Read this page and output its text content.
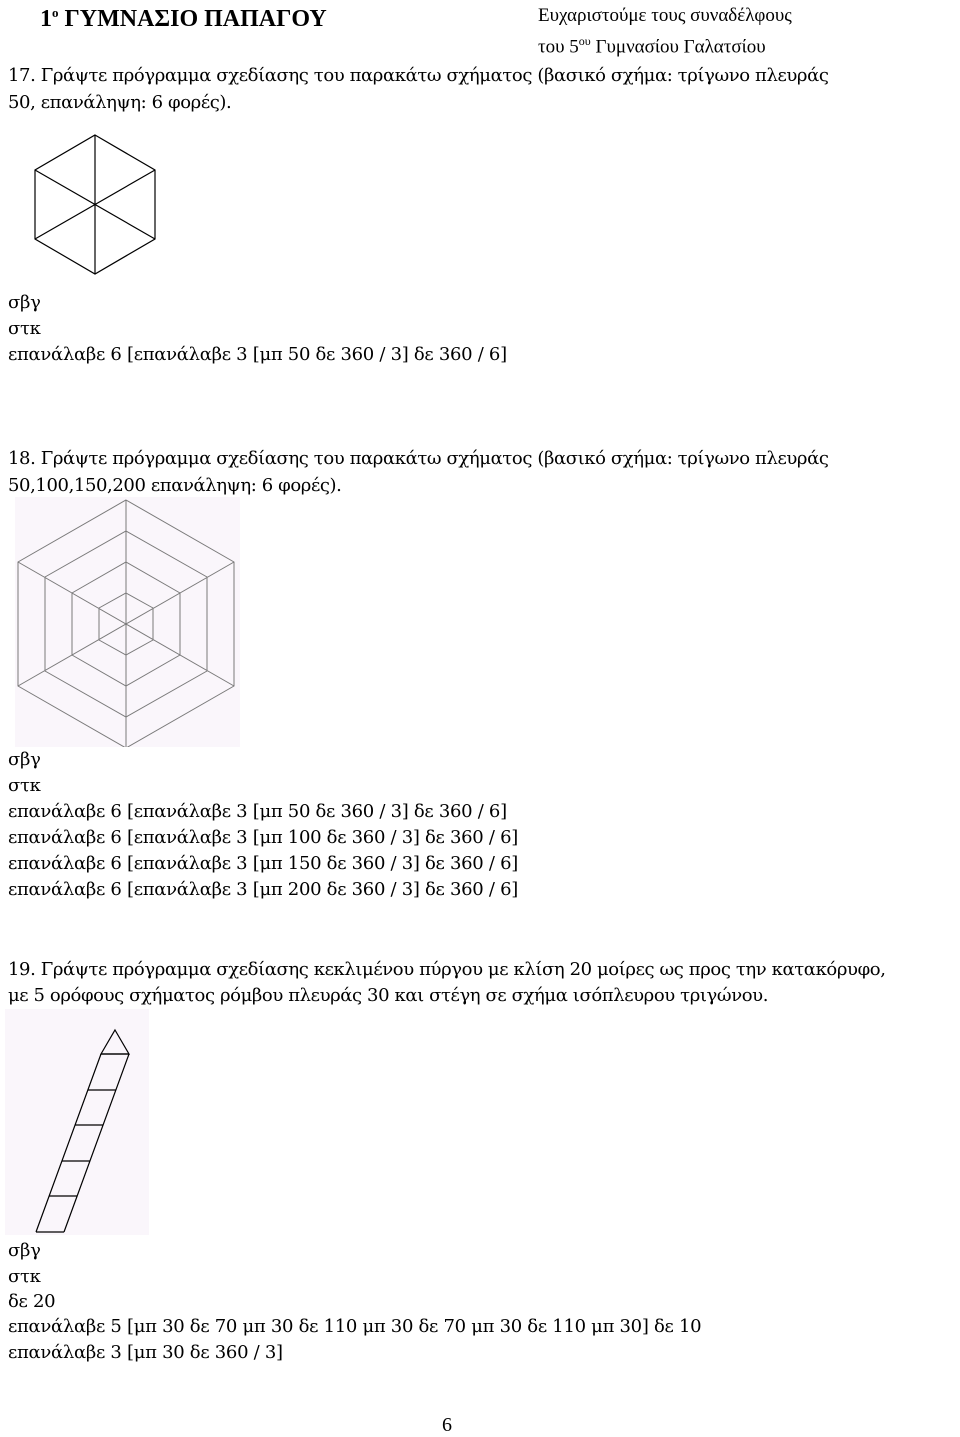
$1^o$ ΓΥΜΝΑΣΙΟ ΠΑΠΑΓΟΥ	Ευχαριστούμε τους συναδέλφους
του $5^{o\upsilon}$ Γυμνασίου Γαλατσίου
17. Γράψτε πρόγραμμα σχεδίασης του παρακάτω σχήματος (βασικό σχήμα: τρίγωνο πλευράς
50, επανάληψη: 6 φορές).
σβγ
στκ
επανάλαβε 6 [επανάλαβε 3 [μπ 50 δε 360 / 3] δε 360 / 6]
18. Γράψτε πρόγραμμα σχεδίασης του παρακάτω σχήματος (βασικό σχήμα: τρίγωνο πλευράς
50,100,150,200 επανάληψη: 6 φορές).
σβγ
στκ
επανάλαβε 6 [επανάλαβε 3 [μπ 50 δε 360 / 3] δε 360 / 6]
επανάλαβε 6 [επανάλαβε 3 [μπ 100 δε 360 / 3] δε 360 / 6]
επανάλαβε 6 [επανάλαβε 3 [μπ 150 δε 360 / 3] δε 360 / 6]
επανάλαβε 6 [επανάλαβε 3 [μπ 200 δε 360 / 3] δε 360 / 6]
19. Γράψτε πρόγραμμα σχεδίασης κεκλιμένου πύργου με κλίση 20 μοίρες ως προς την κατακόρυφο,
με 5 ορόφους σχήματος ρόμβου πλευράς 30 και στέγη σε σχήμα ισόπλευρου τριγώνου.
σβγ
στκ
δε 20
επανάλαβε 5 [μπ 30 δε 70 μπ 30 δε 110 μπ 30 δε 70 μπ 30 δε 110 μπ 30] δε 10
επανάλαβε 3 [μπ 30 δε 360 / 3]
6
